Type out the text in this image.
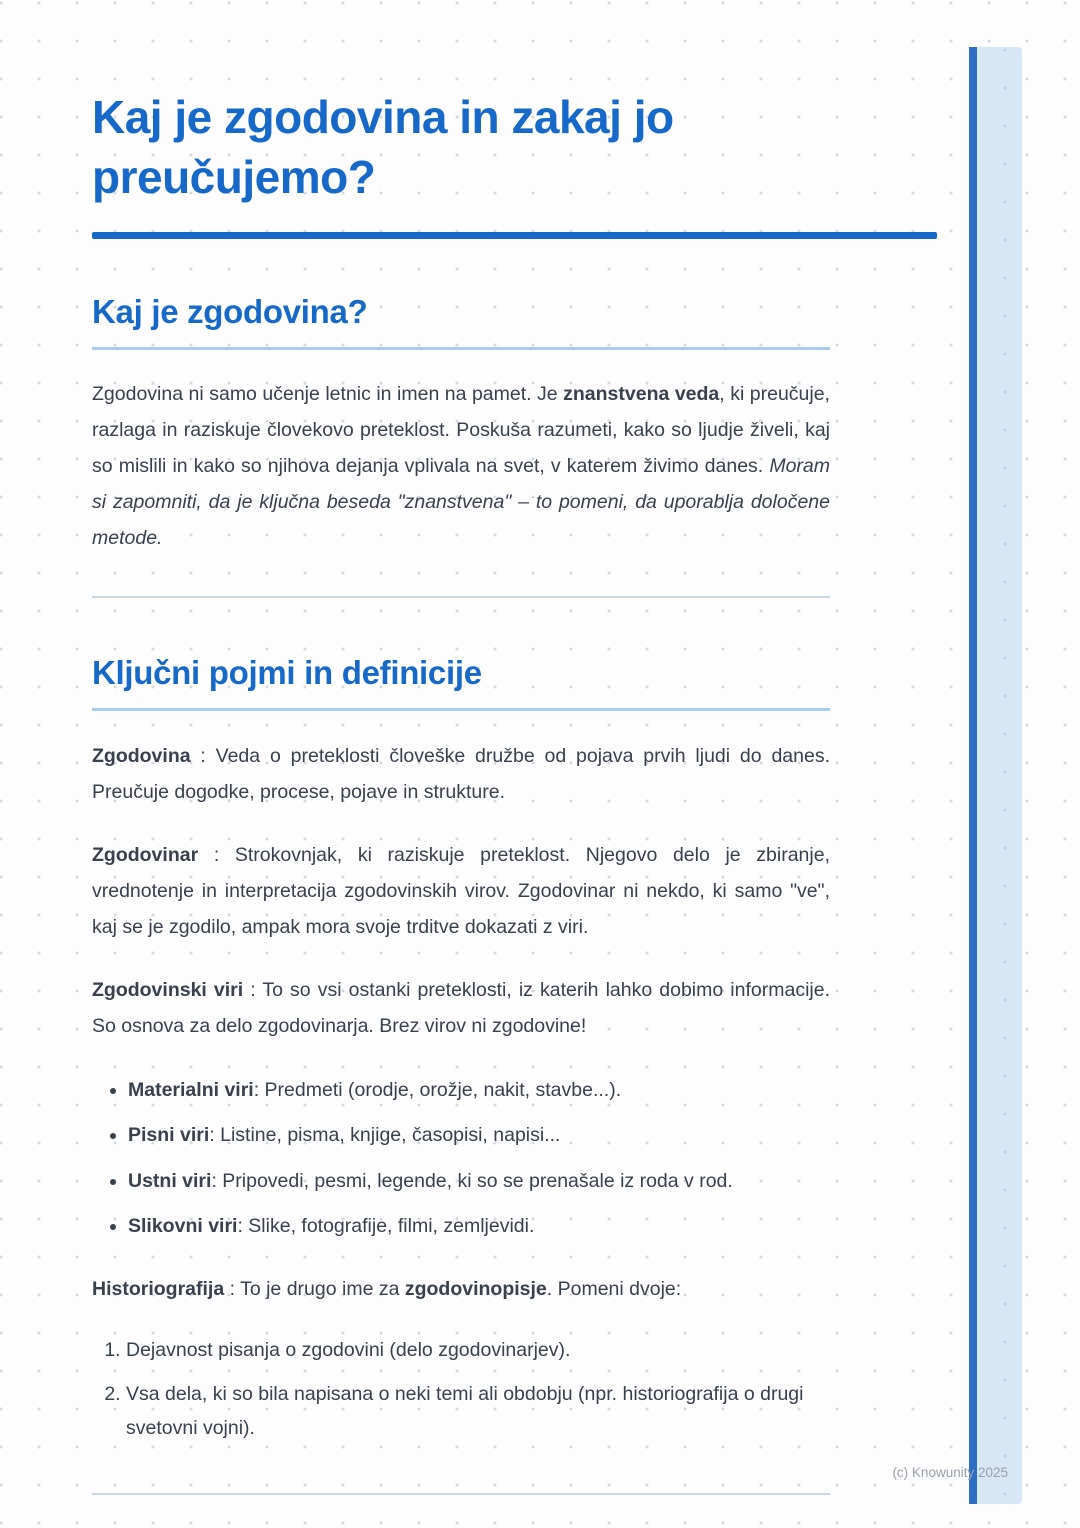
Kaj je zgodovina in zakaj jo preučujemo?
Kaj je zgodovina?

Zgodovina ni samo učenje letnic in imen na pamet. Je znanstvena veda, ki preučuje, razlaga in raziskuje človekovo preteklost. Poskuša razumeti, kako so ljudje živeli, kaj so mislili in kako so njihova dejanja vplivala na svet, v katerem živimo danes. Moram si zapomniti, da je ključna beseda "znanstvena" – to pomeni, da uporablja določene metode.

Ključni pojmi in definicije

Zgodovina : Veda o preteklosti človeške družbe od pojava prvih ljudi do danes. Preučuje dogodke, procese, pojave in strukture.

Zgodovinar : Strokovnjak, ki raziskuje preteklost. Njegovo delo je zbiranje, vrednotenje in interpretacija zgodovinskih virov. Zgodovinar ni nekdo, ki samo "ve", kaj se je zgodilo, ampak mora svoje trditve dokazati z viri.

Zgodovinski viri : To so vsi ostanki preteklosti, iz katerih lahko dobimo informacije. So osnova za delo zgodovinarja. Brez virov ni zgodovine!

• Materialni viri: Predmeti (orodje, orožje, nakit, stavbe...).
• Pisni viri: Listine, pisma, knjige, časopisi, napisi...
• Ustni viri: Pripovedi, pesmi, legende, ki so se prenašale iz roda v rod.
• Slikovni viri: Slike, fotografije, filmi, zemljevidi.

Historiografija : To je drugo ime za zgodovinopisje. Pomeni dvoje:

1. Dejavnost pisanja o zgodovini (delo zgodovinarjev).
2. Vsa dela, ki so bila napisana o neki temi ali obdobju (npr. historiografija o drugi svetovni vojni).
(c) Knowunity 2025
